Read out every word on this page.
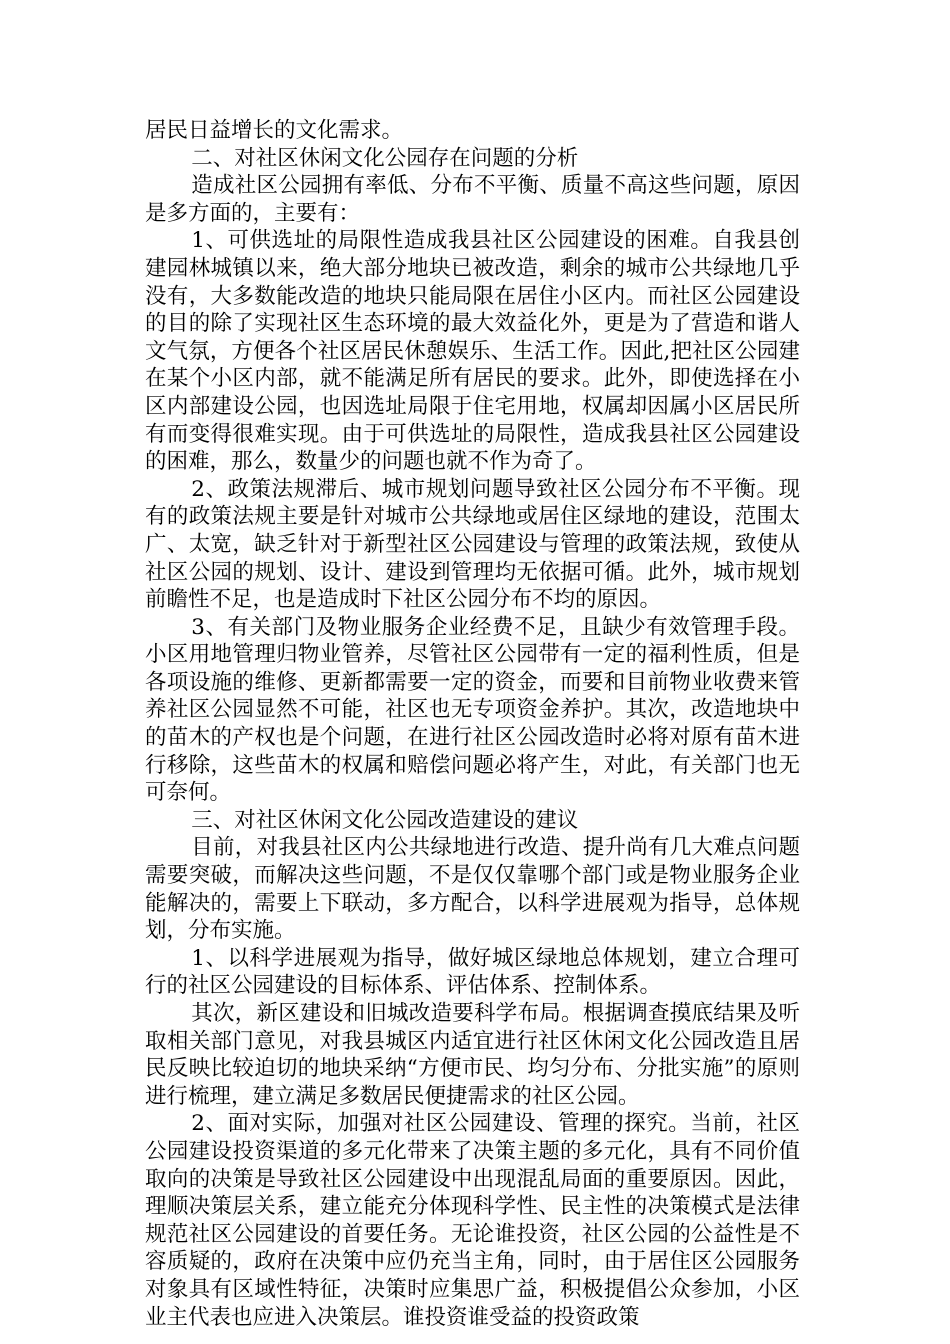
居民日益增长的文化需求。

二、对社区休闲文化公园存在问题的分析

造成社区公园拥有率低、分布不平衡、质量不高这些问题，原因是多方面的，主要有：

1、可供选址的局限性造成我县社区公园建设的困难。自我县创建园林城镇以来，绝大部分地块已被改造，剩余的城市公共绿地几乎没有，大多数能改造的地块只能局限在居住小区内。而社区公园建设的目的除了实现社区生态环境的最大效益化外，更是为了营造和谐人文气氛，方便各个社区居民休憩娱乐、生活工作。因此,把社区公园建在某个小区内部，就不能满足所有居民的要求。此外，即使选择在小区内部建设公园，也因选址局限于住宅用地，权属却因属小区居民所有而变得很难实现。由于可供选址的局限性，造成我县社区公园建设的困难，那么，数量少的问题也就不作为奇了。

2、政策法规滞后、城市规划问题导致社区公园分布不平衡。现有的政策法规主要是针对城市公共绿地或居住区绿地的建设，范围太广、太宽，缺乏针对于新型社区公园建设与管理的政策法规，致使从社区公园的规划、设计、建设到管理均无依据可循。此外，城市规划前瞻性不足，也是造成时下社区公园分布不均的原因。

3、有关部门及物业服务企业经费不足，且缺少有效管理手段。小区用地管理归物业管养，尽管社区公园带有一定的福利性质，但是各项设施的维修、更新都需要一定的资金，而要和目前物业收费来管养社区公园显然不可能，社区也无专项资金养护。其次，改造地块中的苗木的产权也是个问题，在进行社区公园改造时必将对原有苗木进行移除，这些苗木的权属和赔偿问题必将产生，对此，有关部门也无可奈何。

三、对社区休闲文化公园改造建设的建议

目前，对我县社区内公共绿地进行改造、提升尚有几大难点问题需要突破，而解决这些问题，不是仅仅靠哪个部门或是物业服务企业能解决的，需要上下联动，多方配合，以科学进展观为指导，总体规划，分布实施。

1、以科学进展观为指导，做好城区绿地总体规划，建立合理可行的社区公园建设的目标体系、评估体系、控制体系。

其次，新区建设和旧城改造要科学布局。根据调查摸底结果及听取相关部门意见，对我县城区内适宜进行社区休闲文化公园改造且居民反映比较迫切的地块采纳“方便市民、均匀分布、分批实施”的原则进行梳理，建立满足多数居民便捷需求的社区公园。

2、面对实际，加强对社区公园建设、管理的探究。当前，社区公园建设投资渠道的多元化带来了决策主题的多元化，具有不同价值取向的决策是导致社区公园建设中出现混乱局面的重要原因。因此，理顺决策层关系，建立能充分体现科学性、民主性的决策模式是法律规范社区公园建设的首要任务。无论谁投资，社区公园的公益性是不容质疑的，政府在决策中应仍充当主角，同时，由于居住区公园服务对象具有区域性特征，决策时应集思广益，积极提倡公众参加，小区业主代表也应进入决策层。谁投资谁受益的投资政策
